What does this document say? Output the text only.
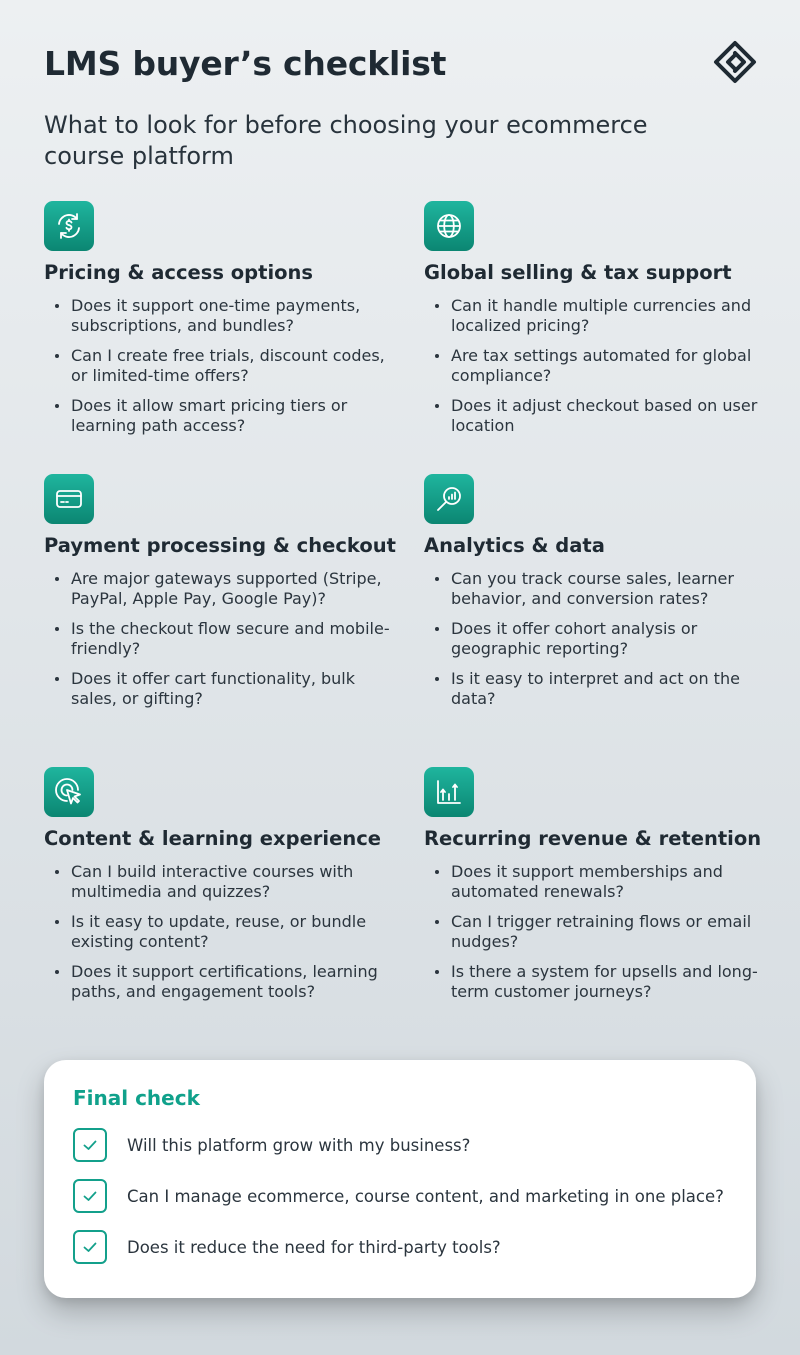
LMS buyer’s checklist

What to look for before choosing your ecommerce course platform

Pricing & access options
Does it support one-time payments, subscriptions, and bundles?
Can I create free trials, discount codes, or limited-time offers?
Does it allow smart pricing tiers or learning path access?
Global selling & tax support
Can it handle multiple currencies and localized pricing?
Are tax settings automated for global compliance?
Does it adjust checkout based on user location
Payment processing & checkout
Are major gateways supported (Stripe, PayPal, Apple Pay, Google Pay)?
Is the checkout flow secure and mobile-friendly?
Does it offer cart functionality, bulk sales, or gifting?
Analytics & data
Can you track course sales, learner behavior, and conversion rates?
Does it offer cohort analysis or geographic reporting?
Is it easy to interpret and act on the data?
Content & learning experience
Can I build interactive courses with multimedia and quizzes?
Is it easy to update, reuse, or bundle existing content?
Does it support certifications, learning paths, and engagement tools?
Recurring revenue & retention
Does it support memberships and automated renewals?
Can I trigger retraining flows or email nudges?
Is there a system for upsells and long-term customer journeys?
Final check
Will this platform grow with my business?
Can I manage ecommerce, course content, and marketing in one place?
Does it reduce the need for third-party tools?
